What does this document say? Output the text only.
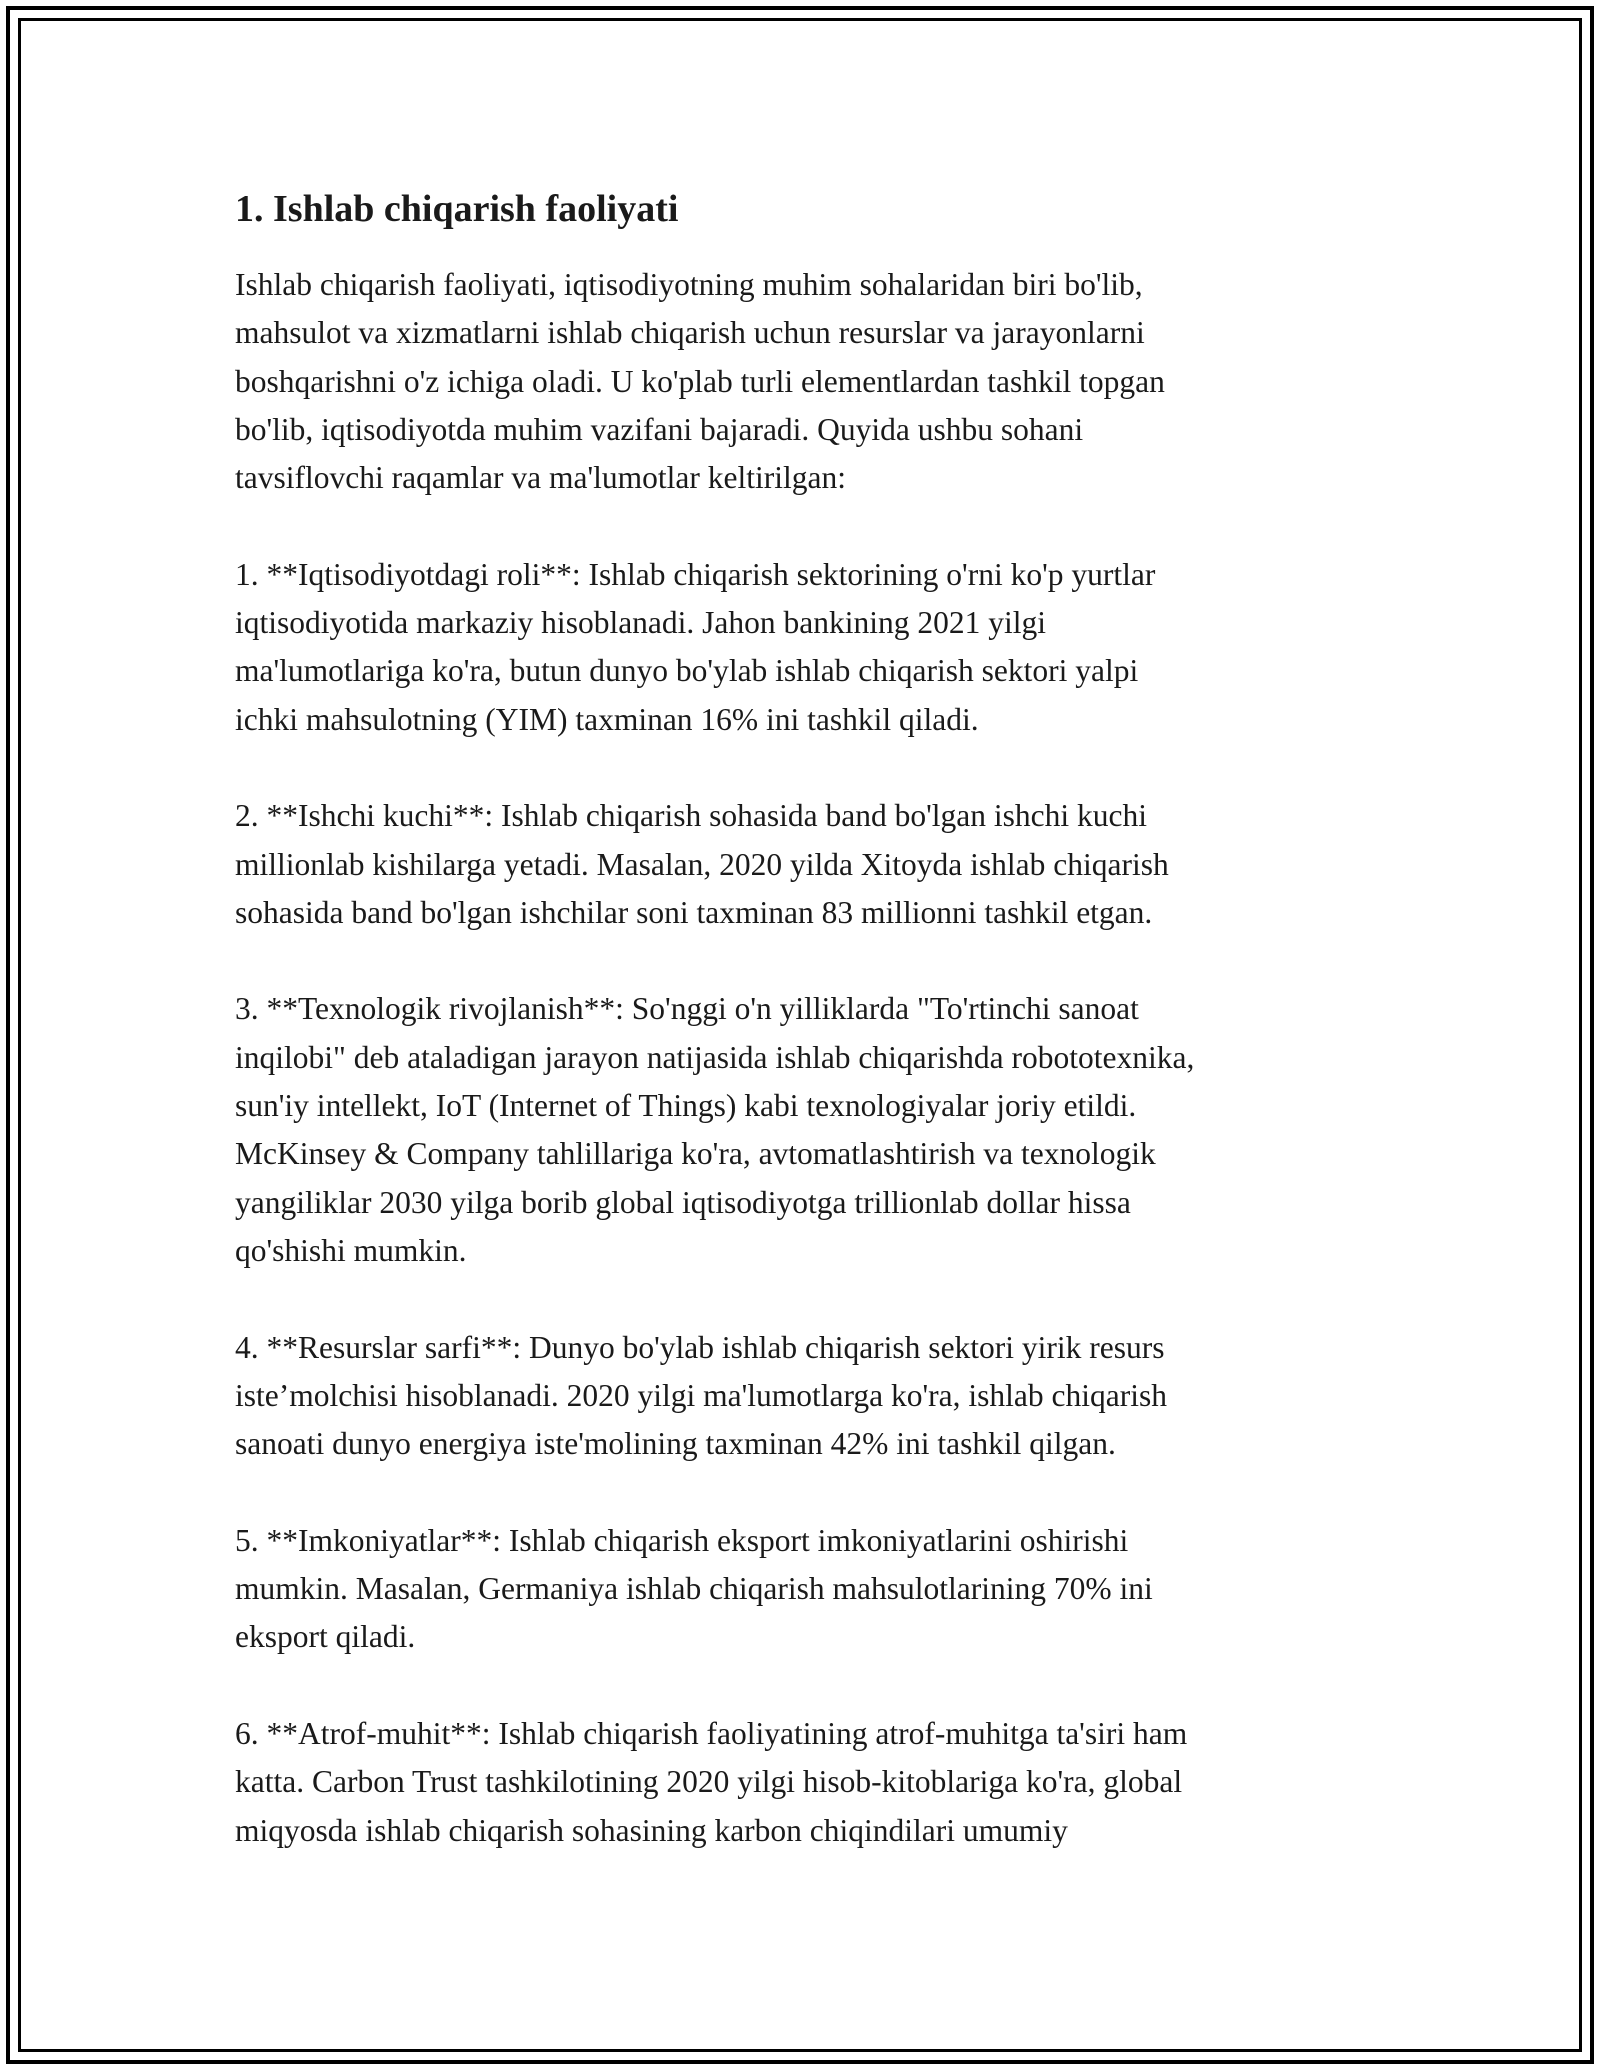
1. Ishlab chiqarish faoliyati

Ishlab chiqarish faoliyati, iqtisodiyotning muhim sohalaridan biri bo'lib,
mahsulot va xizmatlarni ishlab chiqarish uchun resurslar va jarayonlarni
boshqarishni o'z ichiga oladi. U ko'plab turli elementlardan tashkil topgan
bo'lib, iqtisodiyotda muhim vazifani bajaradi. Quyida ushbu sohani
tavsiflovchi raqamlar va ma'lumotlar keltirilgan:

1. **Iqtisodiyotdagi roli**: Ishlab chiqarish sektorining o'rni ko'p yurtlar
iqtisodiyotida markaziy hisoblanadi. Jahon bankining 2021 yilgi
ma'lumotlariga ko'ra, butun dunyo bo'ylab ishlab chiqarish sektori yalpi
ichki mahsulotning (YIM) taxminan 16% ini tashkil qiladi.

2. **Ishchi kuchi**: Ishlab chiqarish sohasida band bo'lgan ishchi kuchi
millionlab kishilarga yetadi. Masalan, 2020 yilda Xitoyda ishlab chiqarish
sohasida band bo'lgan ishchilar soni taxminan 83 millionni tashkil etgan.

3. **Texnologik rivojlanish**: So'nggi o'n yilliklarda "To'rtinchi sanoat
inqilobi" deb ataladigan jarayon natijasida ishlab chiqarishda robototexnika,
sun'iy intellekt, IoT (Internet of Things) kabi texnologiyalar joriy etildi.
McKinsey & Company tahlillariga ko'ra, avtomatlashtirish va texnologik
yangiliklar 2030 yilga borib global iqtisodiyotga trillionlab dollar hissa
qo'shishi mumkin.

4. **Resurslar sarfi**: Dunyo bo'ylab ishlab chiqarish sektori yirik resurs
iste’molchisi hisoblanadi. 2020 yilgi ma'lumotlarga ko'ra, ishlab chiqarish
sanoati dunyo energiya iste'molining taxminan 42% ini tashkil qilgan.

5. **Imkoniyatlar**: Ishlab chiqarish eksport imkoniyatlarini oshirishi
mumkin. Masalan, Germaniya ishlab chiqarish mahsulotlarining 70% ini
eksport qiladi.

6. **Atrof-muhit**: Ishlab chiqarish faoliyatining atrof-muhitga ta'siri ham
katta. Carbon Trust tashkilotining 2020 yilgi hisob-kitoblariga ko'ra, global
miqyosda ishlab chiqarish sohasining karbon chiqindilari umumiy
